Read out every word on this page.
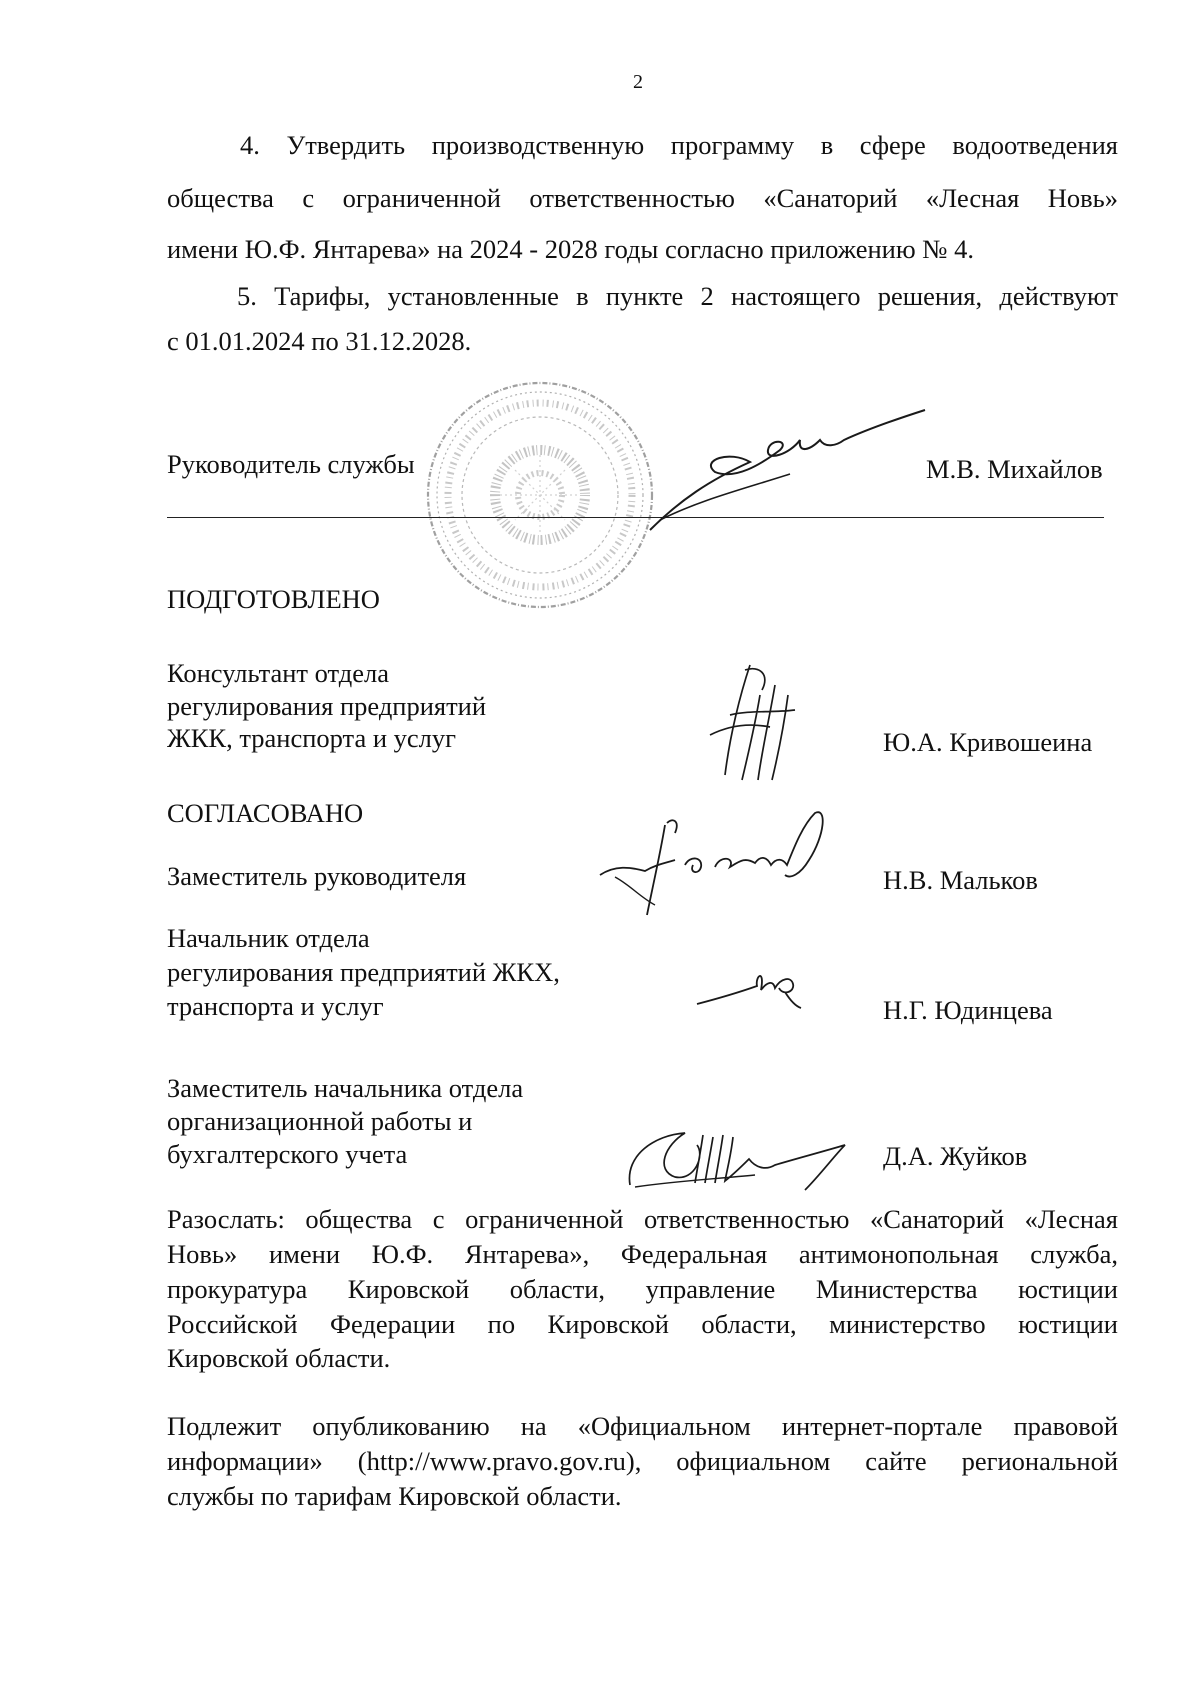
2
4. Утвердить производственную программу в сфере водоотведения
общества с ограниченной ответственностью «Санаторий «Лесная Новь»
имени Ю.Ф. Янтарева» на 2024 - 2028 годы согласно приложению № 4.
5. Тарифы, установленные в пункте 2 настоящего решения, действуют
с 01.01.2024 по 31.12.2028.
Руководитель службы	М.В. Михайлов
ПОДГОТОВЛЕНО
Консультант отдела
регулирования предприятий
ЖКК, транспорта и услуг	Ю.А. Кривошеина
СОГЛАСОВАНО
Заместитель руководителя	Н.В. Мальков
Начальник отдела
регулирования предприятий ЖКХ,
транспорта и услуг	Н.Г. Юдинцева
Заместитель начальника отдела
организационной работы и
бухгалтерского учета	Д.А. Жуйков
Разослать: общества с ограниченной ответственностью «Санаторий «Лесная
Новь» имени Ю.Ф. Янтарева», Федеральная антимонопольная служба,
прокуратура Кировской области, управление Министерства юстиции
Российской Федерации по Кировской области, министерство юстиции
Кировской области.
Подлежит опубликованию на «Официальном интернет-портале правовой
информации» (http://www.pravo.gov.ru), официальном сайте региональной
службы по тарифам Кировской области.
